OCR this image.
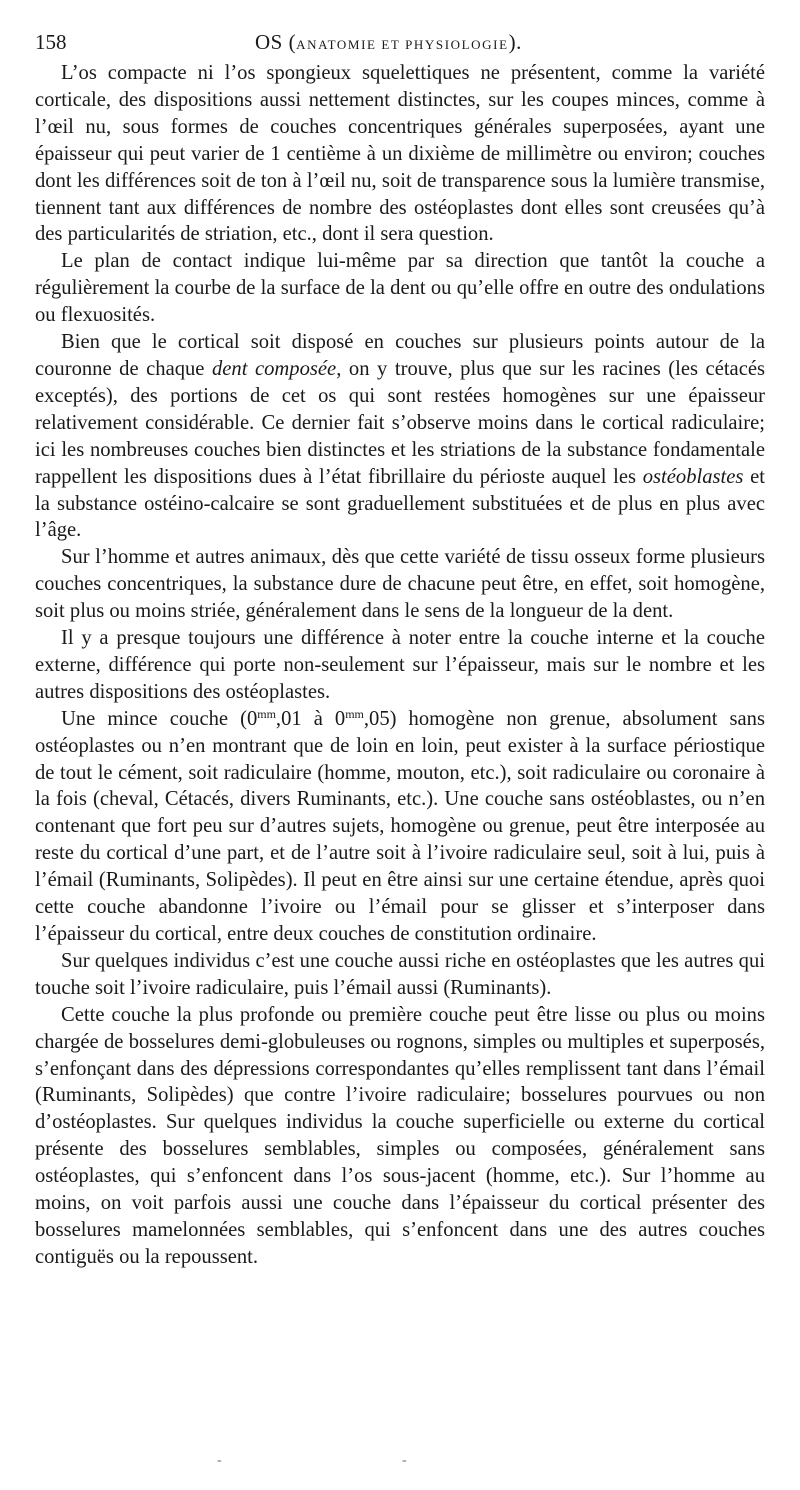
158	OS (ANATOMIE ET PHYSIOLOGIE).

L’os compacte ni l’os spongieux squelettiques ne présentent, comme la variété corticale, des dispositions aussi nettement distinctes, sur les coupes minces, comme à l’œil nu, sous formes de couches concentriques générales superposées, ayant une épaisseur qui peut varier de 1 centième à un dixième de millimètre ou environ; couches dont les différences soit de ton à l’œil nu, soit de transparence sous la lumière transmise, tiennent tant aux différences de nombre des ostéoplastes dont elles sont creusées qu’à des particularités de striation, etc., dont il sera question.

Le plan de contact indique lui-même par sa direction que tantôt la couche a régulièrement la courbe de la surface de la dent ou qu’elle offre en outre des ondulations ou flexuosités.

Bien que le cortical soit disposé en couches sur plusieurs points autour de la couronne de chaque dent composée, on y trouve, plus que sur les racines (les cétacés exceptés), des portions de cet os qui sont restées homogènes sur une épaisseur relativement considérable. Ce dernier fait s’observe moins dans le cortical radiculaire; ici les nombreuses couches bien distinctes et les striations de la substance fondamentale rappellent les dispositions dues à l’état fibrillaire du périoste auquel les ostéoblastes et la substance ostéino-calcaire se sont graduellement substituées et de plus en plus avec l’âge.

Sur l’homme et autres animaux, dès que cette variété de tissu osseux forme plusieurs couches concentriques, la substance dure de chacune peut être, en effet, soit homogène, soit plus ou moins striée, généralement dans le sens de la longueur de la dent.

Il y a presque toujours une différence à noter entre la couche interne et la couche externe, différence qui porte non-seulement sur l’épaisseur, mais sur le nombre et les autres dispositions des ostéoplastes.

Une mince couche ($0^{mm},01$ à $0^{mm},05$) homogène non grenue, absolument sans ostéoplastes ou n’en montrant que de loin en loin, peut exister à la surface périostique de tout le cément, soit radiculaire (homme, mouton, etc.), soit radiculaire ou coronaire à la fois (cheval, Cétacés, divers Ruminants, etc.). Une couche sans ostéoblastes, ou n’en contenant que fort peu sur d’autres sujets, homogène ou grenue, peut être interposée au reste du cortical d’une part, et de l’autre soit à l’ivoire radiculaire seul, soit à lui, puis à l’émail (Ruminants, Solipèdes). Il peut en être ainsi sur une certaine étendue, après quoi cette couche abandonne l’ivoire ou l’émail pour se glisser et s’interposer dans l’épaisseur du cortical, entre deux couches de constitution ordinaire.

Sur quelques individus c’est une couche aussi riche en ostéoplastes que les autres qui touche soit l’ivoire radiculaire, puis l’émail aussi (Ruminants).

Cette couche la plus profonde ou première couche peut être lisse ou plus ou moins chargée de bosselures demi-globuleuses ou rognons, simples ou multiples et superposés, s’enfonçant dans des dépressions correspondantes qu’elles remplissent tant dans l’émail (Ruminants, Solipèdes) que contre l’ivoire radiculaire; bosselures pourvues ou non d’ostéoplastes. Sur quelques individus la couche superficielle ou externe du cortical présente des bosselures semblables, simples ou composées, généralement sans ostéoplastes, qui s’enfoncent dans l’os sous-jacent (homme, etc.). Sur l’homme au moins, on voit parfois aussi une couche dans l’épaisseur du cortical présenter des bosselures mamelonnées semblables, qui s’enfoncent dans une des autres couches contiguës ou la repoussent.

-	-
